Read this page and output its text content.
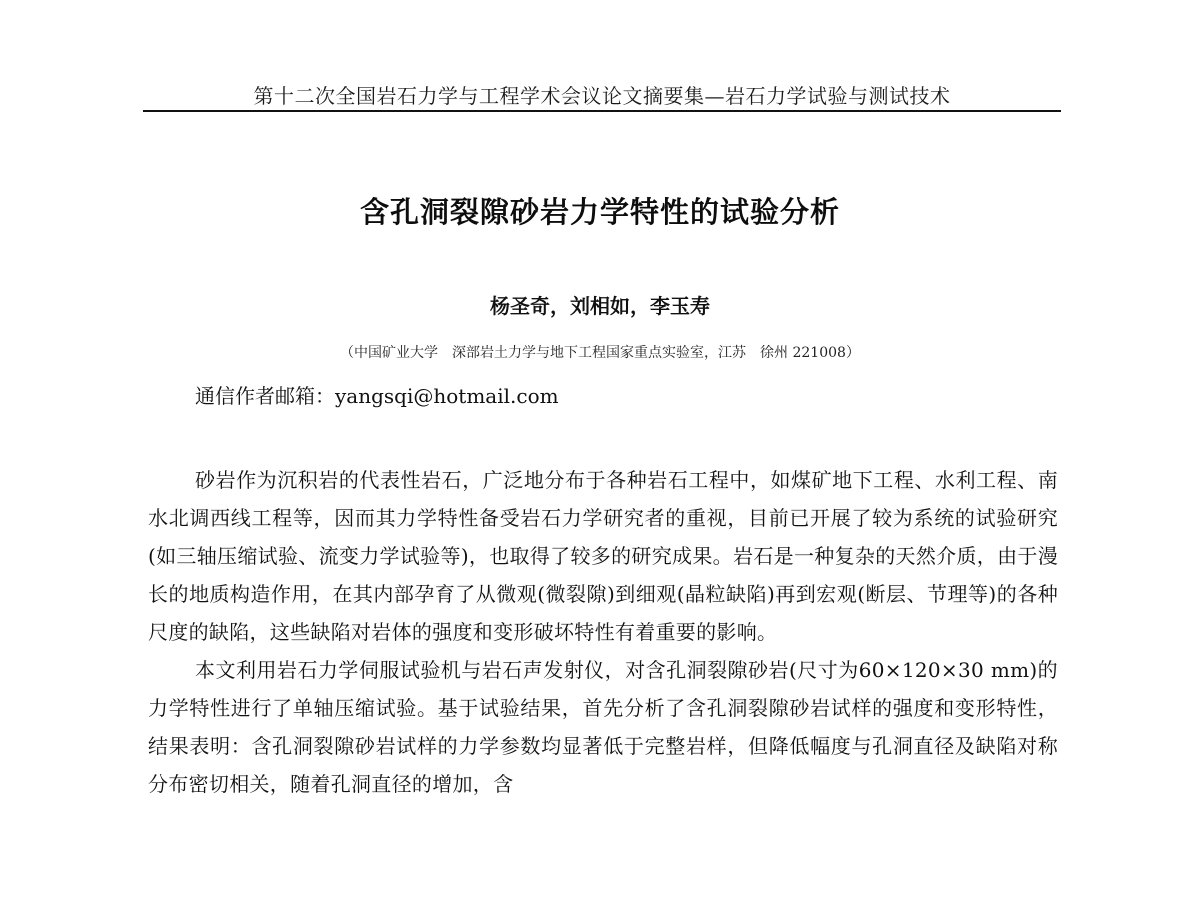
第十二次全国岩石力学与工程学术会议论文摘要集—岩石力学试验与测试技术
含孔洞裂隙砂岩力学特性的试验分析
杨圣奇，刘相如，李玉寿
（中国矿业大学　深部岩土力学与地下工程国家重点实验室，江苏　徐州 221008）
通信作者邮箱：yangsqi@hotmail.com

砂岩作为沉积岩的代表性岩石，广泛地分布于各种岩石工程中，如煤矿地下工程、水利工程、南水北调西线工程等，因而其力学特性备受岩石力学研究者的重视，目前已开展了较为系统的试验研究(如三轴压缩试验、流变力学试验等)，也取得了较多的研究成果。岩石是一种复杂的天然介质，由于漫长的地质构造作用，在其内部孕育了从微观(微裂隙)到细观(晶粒缺陷)再到宏观(断层、节理等)的各种尺度的缺陷，这些缺陷对岩体的强度和变形破坏特性有着重要的影响。

本文利用岩石力学伺服试验机与岩石声发射仪，对含孔洞裂隙砂岩(尺寸为60×120×30 mm)的力学特性进行了单轴压缩试验。基于试验结果，首先分析了含孔洞裂隙砂岩试样的强度和变形特性，结果表明：含孔洞裂隙砂岩试样的力学参数均显著低于完整岩样，但降低幅度与孔洞直径及缺陷对称分布密切相关，随着孔洞直径的增加，含
